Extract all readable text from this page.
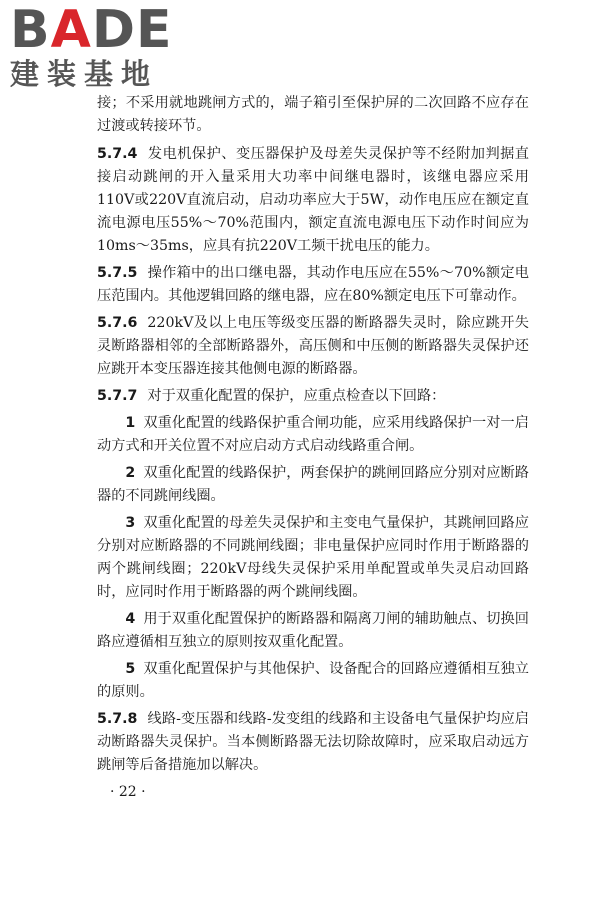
BADE
建装基地

接；不采用就地跳闸方式的，端子箱引至保护屏的二次回路不应存在过渡或转接环节。

5.7.4 发电机保护、变压器保护及母差失灵保护等不经附加判据直接启动跳闸的开入量采用大功率中间继电器时，该继电器应采用110V或220V直流启动，启动功率应大于5W，动作电压应在额定直流电源电压55%～70%范围内，额定直流电源电压下动作时间应为10ms～35ms，应具有抗220V工频干扰电压的能力。

5.7.5 操作箱中的出口继电器，其动作电压应在55%～70%额定电压范围内。其他逻辑回路的继电器，应在80%额定电压下可靠动作。

5.7.6 220kV及以上电压等级变压器的断路器失灵时，除应跳开失灵断路器相邻的全部断路器外，高压侧和中压侧的断路器失灵保护还应跳开本变压器连接其他侧电源的断路器。

5.7.7 对于双重化配置的保护，应重点检查以下回路：

1 双重化配置的线路保护重合闸功能，应采用线路保护一对一启动方式和开关位置不对应启动方式启动线路重合闸。

2 双重化配置的线路保护，两套保护的跳闸回路应分别对应断路器的不同跳闸线圈。

3 双重化配置的母差失灵保护和主变电气量保护，其跳闸回路应分别对应断路器的不同跳闸线圈；非电量保护应同时作用于断路器的两个跳闸线圈；220kV母线失灵保护采用单配置或单失灵启动回路时，应同时作用于断路器的两个跳闸线圈。

4 用于双重化配置保护的断路器和隔离刀闸的辅助触点、切换回路应遵循相互独立的原则按双重化配置。

5 双重化配置保护与其他保护、设备配合的回路应遵循相互独立的原则。

5.7.8 线路-变压器和线路-发变组的线路和主设备电气量保护均应启动断路器失灵保护。当本侧断路器无法切除故障时，应采取启动远方跳闸等后备措施加以解决。

· 22 ·
